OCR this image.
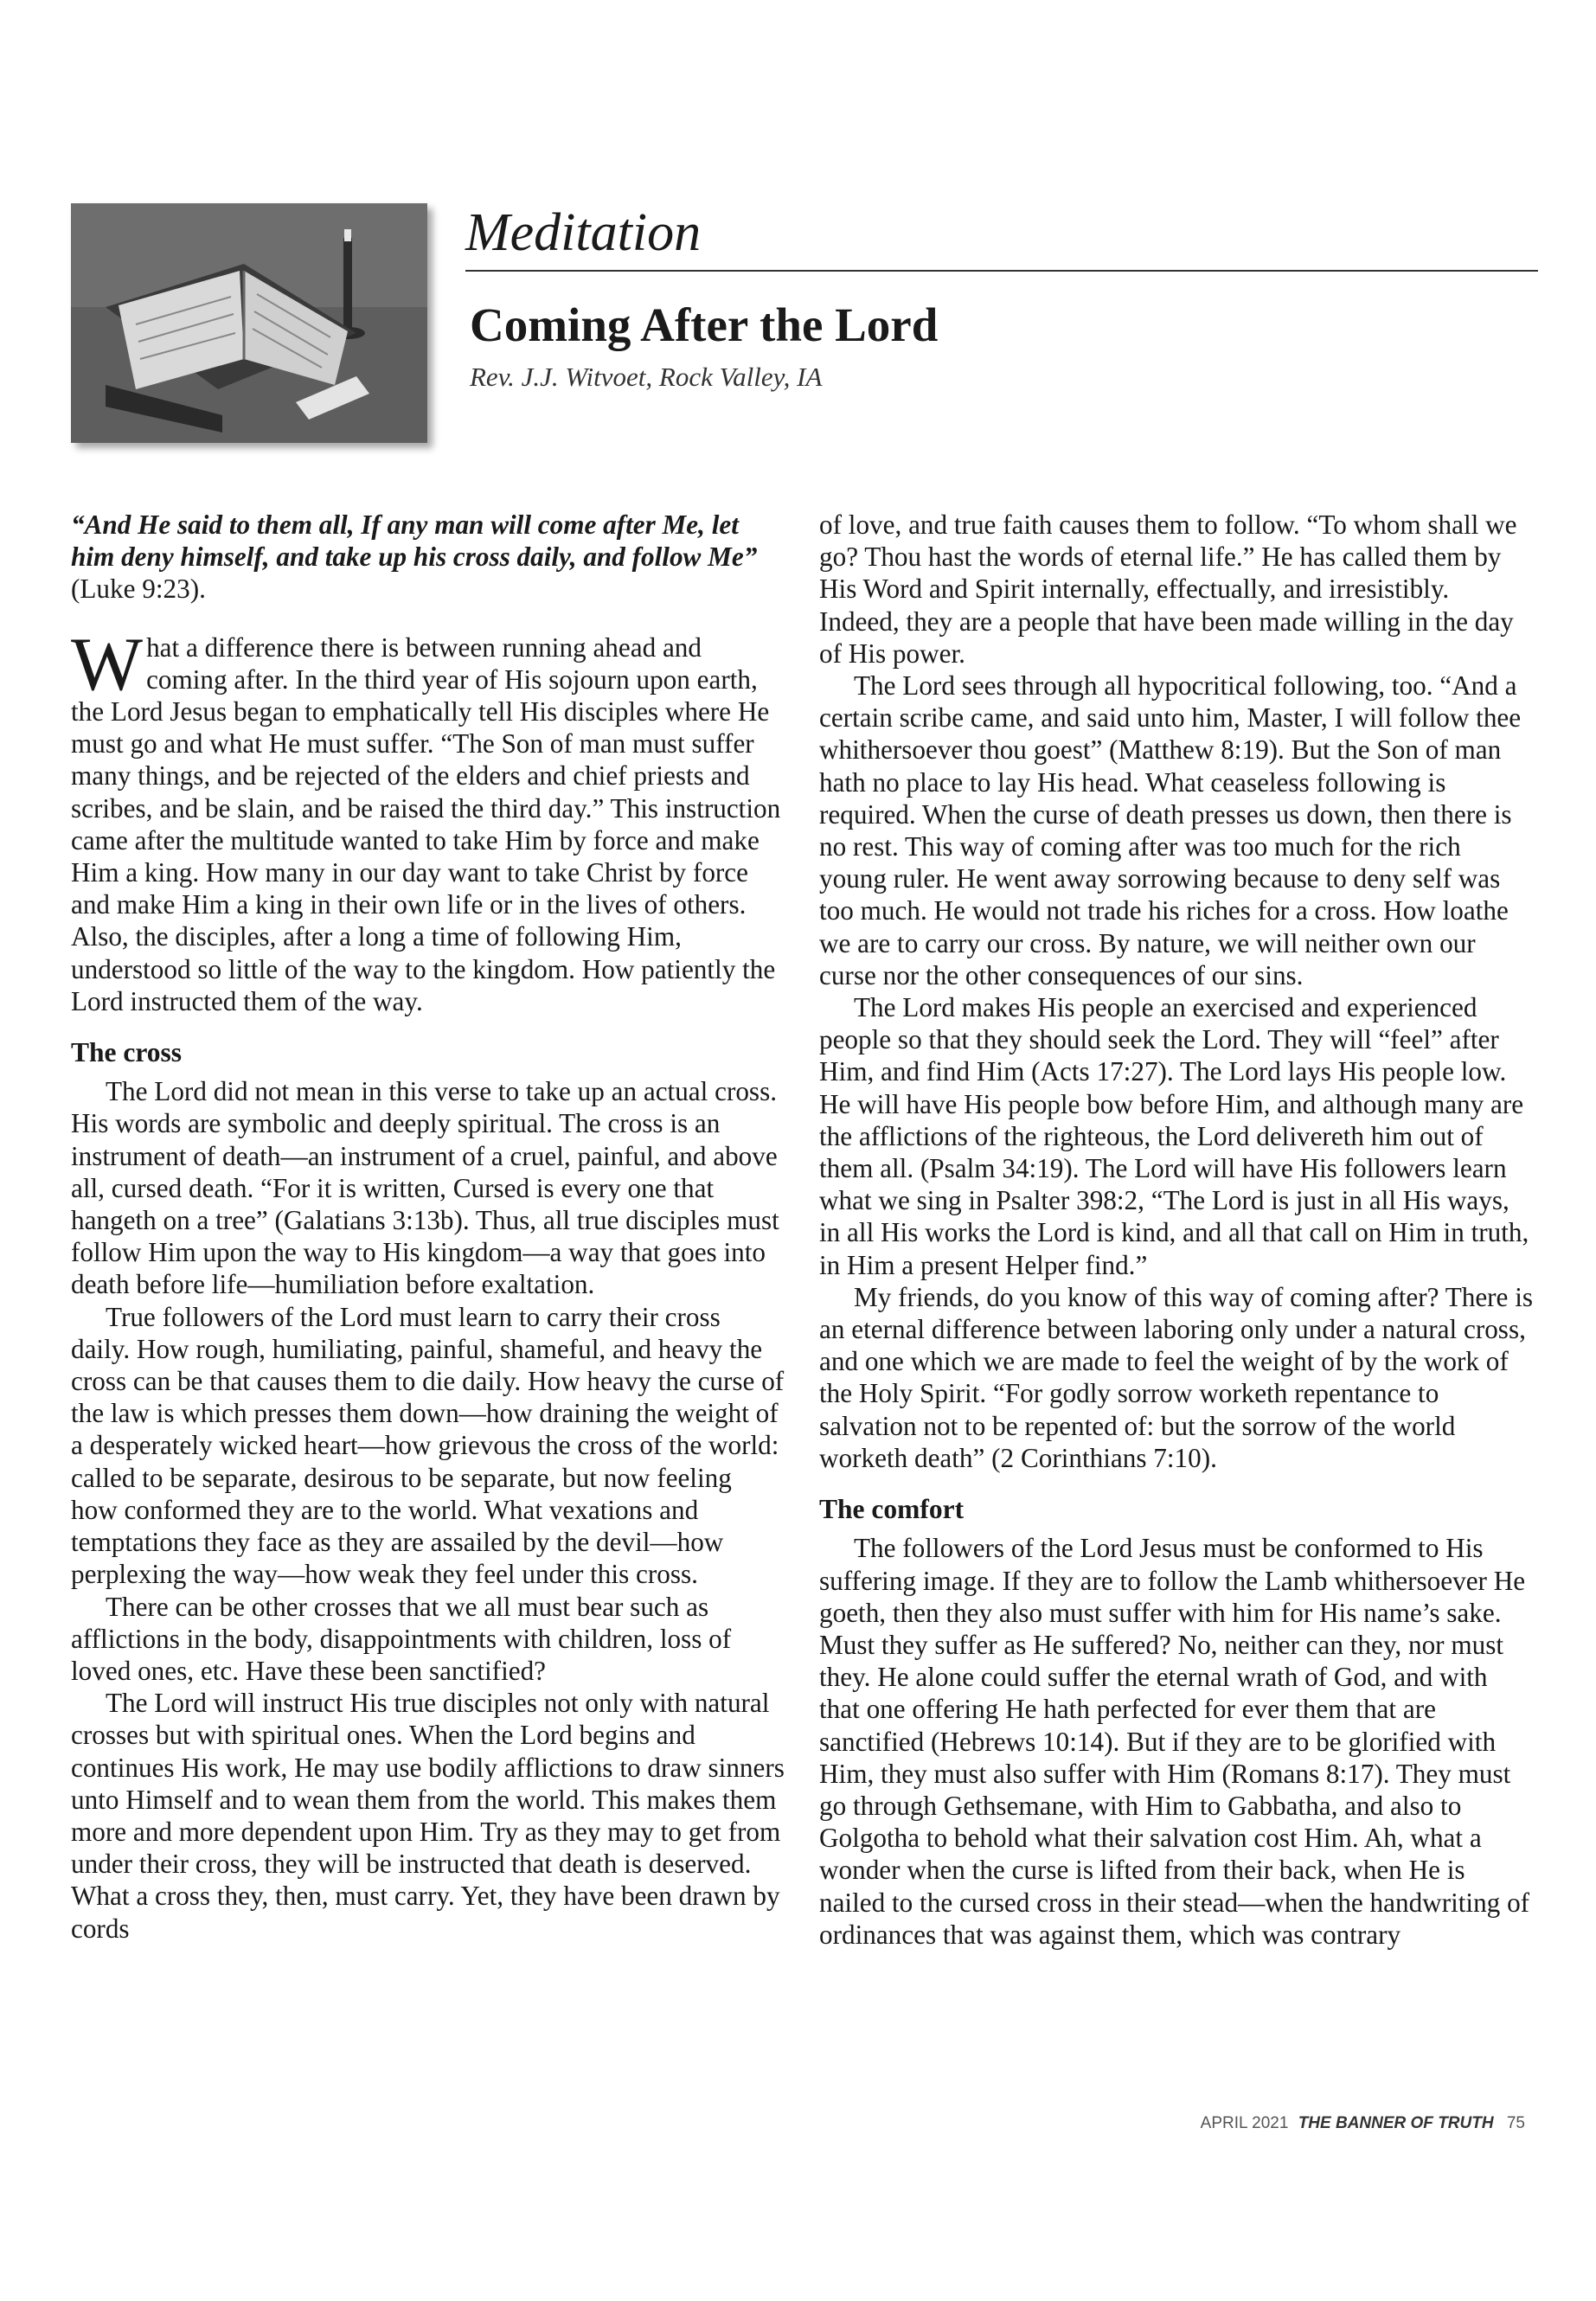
Meditation
Coming After the Lord
Rev. J.J. Witvoet, Rock Valley, IA

“And He said to them all, If any man will come after Me, let him deny himself, and take up his cross daily, and follow Me” (Luke 9:23).

What a difference there is between running ahead and coming after. In the third year of His sojourn upon earth, the Lord Jesus began to emphatically tell His disciples where He must go and what He must suffer. “The Son of man must suffer many things, and be rejected of the elders and chief priests and scribes, and be slain, and be raised the third day.” This instruction came after the multitude wanted to take Him by force and make Him a king. How many in our day want to take Christ by force and make Him a king in their own life or in the lives of others. Also, the disciples, after a long a time of following Him, understood so little of the way to the kingdom. How patiently the Lord instructed them of the way.

The cross

The Lord did not mean in this verse to take up an actual cross. His words are symbolic and deeply spiritual. The cross is an instrument of death—an instrument of a cruel, painful, and above all, cursed death. “For it is written, Cursed is every one that hangeth on a tree” (Galatians 3:13b). Thus, all true disciples must follow Him upon the way to His kingdom—a way that goes into death before life—humiliation before exaltation.

True followers of the Lord must learn to carry their cross daily. How rough, humiliating, painful, shameful, and heavy the cross can be that causes them to die daily. How heavy the curse of the law is which presses them down—how draining the weight of a desperately wicked heart—how grievous the cross of the world: called to be separate, desirous to be separate, but now feeling how conformed they are to the world. What vexations and temptations they face as they are assailed by the devil—how perplexing the way—how weak they feel under this cross.

There can be other crosses that we all must bear such as afflictions in the body, disappointments with children, loss of loved ones, etc. Have these been sanctified?

The Lord will instruct His true disciples not only with natural crosses but with spiritual ones. When the Lord begins and continues His work, He may use bodily afflictions to draw sinners unto Himself and to wean them from the world. This makes them more and more dependent upon Him. Try as they may to get from under their cross, they will be instructed that death is deserved. What a cross they, then, must carry. Yet, they have been drawn by cords

of love, and true faith causes them to follow. “To whom shall we go? Thou hast the words of eternal life.” He has called them by His Word and Spirit internally, effectually, and irresistibly. Indeed, they are a people that have been made willing in the day of His power.

The Lord sees through all hypocritical following, too. “And a certain scribe came, and said unto him, Master, I will follow thee whithersoever thou goest” (Matthew 8:19). But the Son of man hath no place to lay His head. What ceaseless following is required. When the curse of death presses us down, then there is no rest. This way of coming after was too much for the rich young ruler. He went away sorrowing because to deny self was too much. He would not trade his riches for a cross. How loathe we are to carry our cross. By nature, we will neither own our curse nor the other consequences of our sins.

The Lord makes His people an exercised and experienced people so that they should seek the Lord. They will “feel” after Him, and find Him (Acts 17:27). The Lord lays His people low. He will have His people bow before Him, and although many are the afflictions of the righteous, the Lord delivereth him out of them all. (Psalm 34:19). The Lord will have His followers learn what we sing in Psalter 398:2, “The Lord is just in all His ways, in all His works the Lord is kind, and all that call on Him in truth, in Him a present Helper find.”

My friends, do you know of this way of coming after? There is an eternal difference between laboring only under a natural cross, and one which we are made to feel the weight of by the work of the Holy Spirit. “For godly sorrow worketh repentance to salvation not to be repented of: but the sorrow of the world worketh death” (2 Corinthians 7:10).

The comfort

The followers of the Lord Jesus must be conformed to His suffering image. If they are to follow the Lamb whithersoever He goeth, then they also must suffer with him for His name’s sake. Must they suffer as He suffered? No, neither can they, nor must they. He alone could suffer the eternal wrath of God, and with that one offering He hath perfected for ever them that are sanctified (Hebrews 10:14). But if they are to be glorified with Him, they must also suffer with Him (Romans 8:17). They must go through Gethsemane, with Him to Gabbatha, and also to Golgotha to behold what their salvation cost Him. Ah, what a wonder when the curse is lifted from their back, when He is nailed to the cursed cross in their stead—when the handwriting of ordinances that was against them, which was contrary

APRIL 2021 THE BANNER OF TRUTH 75
